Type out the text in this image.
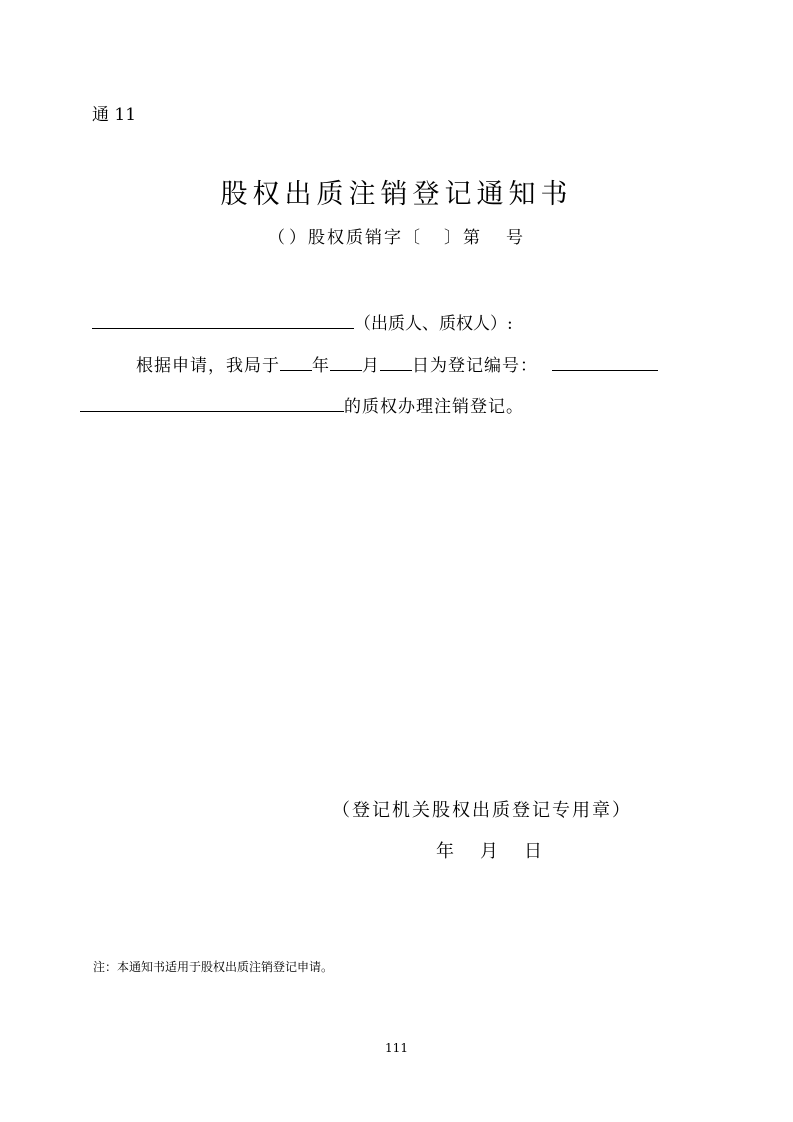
通 11
股权出质注销登记通知书
（ ）股权质销字〔 〕第 号
（出质人、质权人）:
根据申请，我局于 年 月 日为登记编号：
的质权办理注销登记。
（登记机关股权出质登记专用章）
年 月 日
注：本通知书适用于股权出质注销登记申请。
111
